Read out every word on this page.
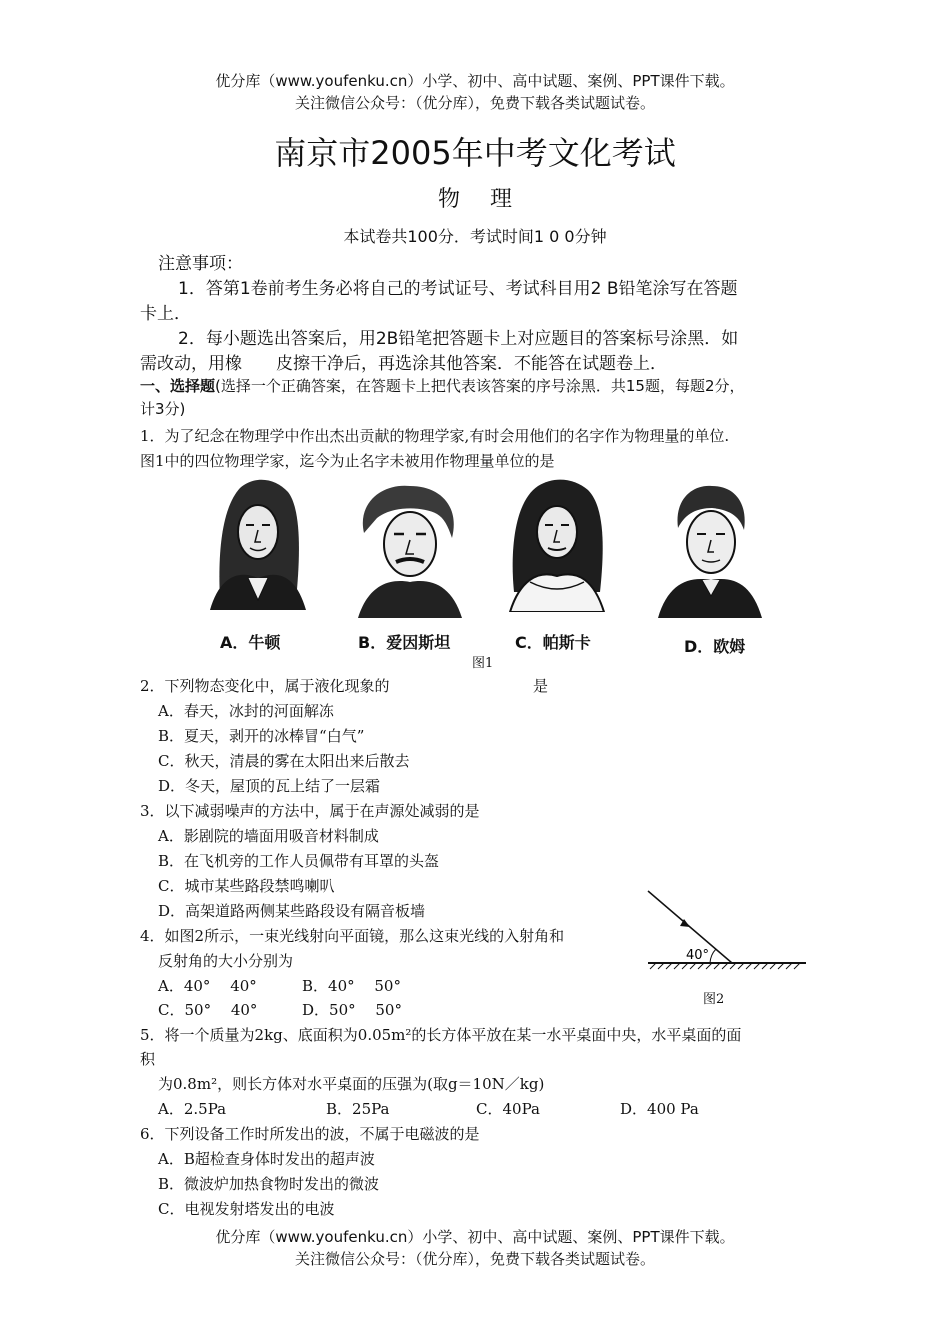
优分库（www.youfenku.cn）小学、初中、高中试题、案例、PPT课件下载。
关注微信公众号：（优分库），免费下载各类试题试卷。
南京市2005年中考文化考试
物理
本试卷共100分．考试时间1 0 0分钟
注意事项：
1．答第1卷前考生务必将自己的考试证号、考试科目用2 B铅笔涂写在答题
卡上．
2．每小题选出答案后，用2B铅笔把答题卡上对应题目的答案标号涂黑．如
需改动，用橡　　皮擦干净后，再选涂其他答案．不能答在试题卷上．
一、选择题(选择一个正确答案，在答题卡上把代表该答案的序号涂黑．共15题，每题2分，
计3分)
1．为了纪念在物理学中作出杰出贡献的物理学家,有时会用他们的名字作为物理量的单位.
图1中的四位物理学家，迄今为止名字未被用作物理量单位的是
A．牛顿	B．爱因斯坦	C．帕斯卡	D．欧姆
图1
2．下列物态变化中，属于液化现象的	是
A．春天，冰封的河面解冻
B．夏天，剥开的冰棒冒“白气”
C．秋天，清晨的雾在太阳出来后散去
D．冬天，屋顶的瓦上结了一层霜
3．以下减弱噪声的方法中，属于在声源处减弱的是
A．影剧院的墙面用吸音材料制成
B．在飞机旁的工作人员佩带有耳罩的头盔
C．城市某些路段禁鸣喇叭
D．高架道路两侧某些路段设有隔音板墙
4．如图2所示，一束光线射向平面镜，那么这束光线的入射角和
反射角的大小分别为
A．40°　 40°	B．40°　 50°
C．50°　 40°	D．50°　 50°
40°
图2
5．将一个质量为2kg、底面积为0.05m²的长方体平放在某一水平桌面中央，水平桌面的面
积
为0.8m²，则长方体对水平桌面的压强为(取g＝10N／kg)
A．2.5Pa	B．25Pa	C．40Pa	D．400 Pa
6．下列设备工作时所发出的波，不属于电磁波的是
A．B超检查身体时发出的超声波
B．微波炉加热食物时发出的微波
C．电视发射塔发出的电波
优分库（www.youfenku.cn）小学、初中、高中试题、案例、PPT课件下载。
关注微信公众号：（优分库），免费下载各类试题试卷。
